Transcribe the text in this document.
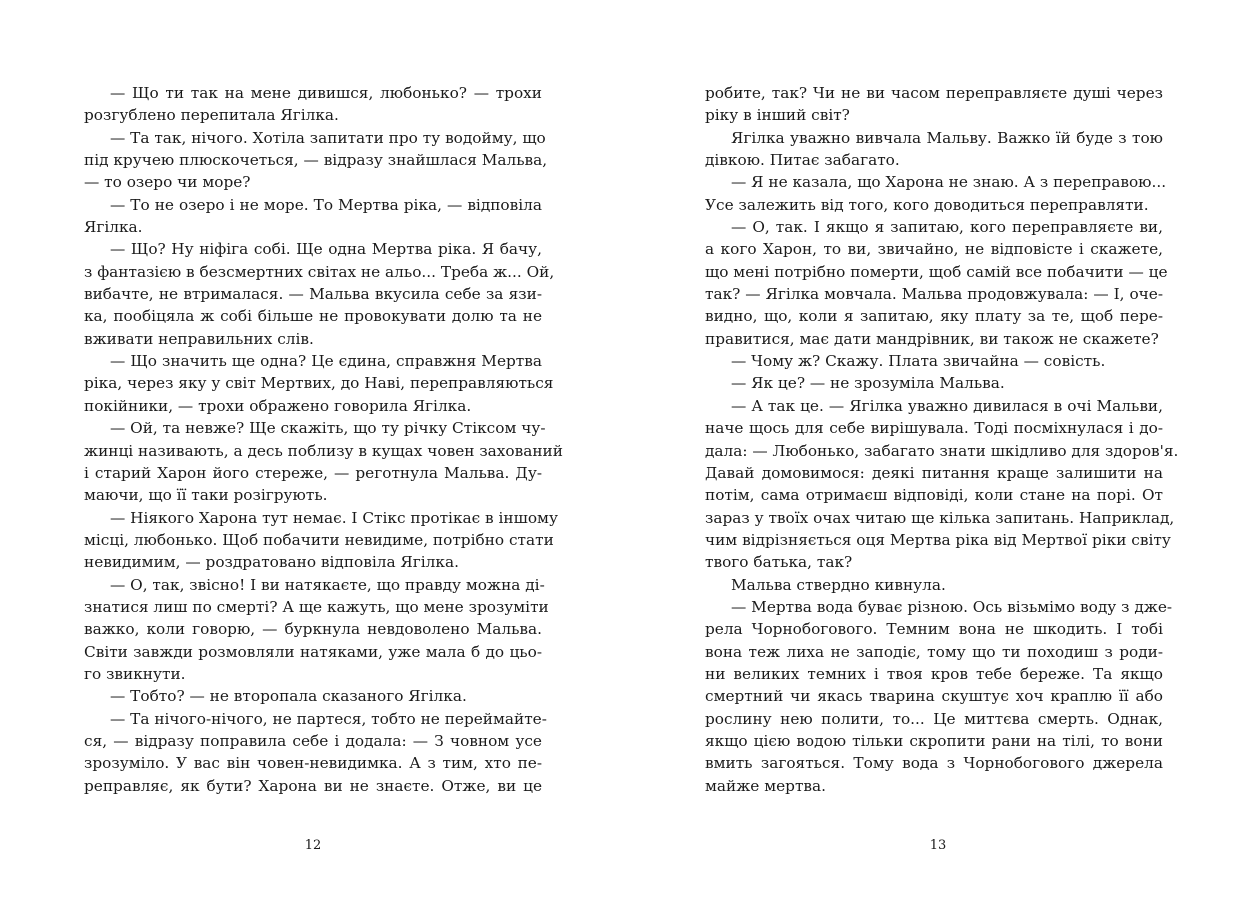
— Що ти так на мене дивишся, любонько? — трохи
розгублено перепитала Ягілка.
— Та так, нічого. Хотіла запитати про ту водойму, що
під кручею плюскочеться, — відразу знайшлася Мальва,
— то озеро чи море?
— То не озеро і не море. То Мертва ріка, — відповіла
Ягілка.
— Що? Ну ніфіга собі. Ще одна Мертва ріка. Я бачу,
з фантазією в безсмертних світах не альо... Треба ж... Ой,
вибачте, не втрималася. — Мальва вкусила себе за язи-
ка, пообіцяла ж собі більше не провокувати долю та не
вживати неправильних слів.
— Що значить ще одна? Це єдина, справжня Мертва
ріка, через яку у світ Мертвих, до Наві, переправляються
покійники, — трохи ображено говорила Ягілка.
— Ой, та невже? Ще скажіть, що ту річку Стіксом чу-
жинці називають, а десь поблизу в кущах човен захований
і старий Харон його стереже, — реготнула Мальва. Ду-
маючи, що її таки розігрують.
— Ніякого Харона тут немає. І Стікс протікає в іншому
місці, любонько. Щоб побачити невидиме, потрібно стати
невидимим, — роздратовано відповіла Ягілка.
— О, так, звісно! І ви натякаєте, що правду можна ді-
знатися лиш по смерті? А ще кажуть, що мене зрозуміти
важко, коли говорю, — буркнула невдоволено Мальва.
Світи завжди розмовляли натяками, уже мала б до цьо-
го звикнути.
— Тобто? — не второпала сказаного Ягілка.
— Та нічого-нічого, не партеся, тобто не переймайте-
ся, — відразу поправила себе і додала: — З човном усе
зрозуміло. У вас він човен-невидимка. А з тим, хто пе-
реправляє, як бути? Харона ви не знаєте. Отже, ви це
робите, так? Чи не ви часом переправляєте душі через
ріку в інший світ?
Ягілка уважно вивчала Мальву. Важко їй буде з тою
дівкою. Питає забагато.
— Я не казала, що Харона не знаю. А з переправою...
Усе залежить від того, кого доводиться переправляти.
— О, так. І якщо я запитаю, кого переправляєте ви,
а кого Харон, то ви, звичайно, не відповісте і скажете,
що мені потрібно померти, щоб самій все побачити — це
так? — Ягілка мовчала. Мальва продовжувала: — І, оче-
видно, що, коли я запитаю, яку плату за те, щоб пере-
правитися, має дати мандрівник, ви також не скажете?
— Чому ж? Скажу. Плата звичайна — совість.
— Як це? — не зрозуміла Мальва.
— А так це. — Ягілка уважно дивилася в очі Мальви,
наче щось для себе вирішувала. Тоді посміхнулася і до-
дала: — Любонько, забагато знати шкідливо для здоров'я.
Давай домовимося: деякі питання краще залишити на
потім, сама отримаєш відповіді, коли стане на порі. От
зараз у твоїх очах читаю ще кілька запитань. Наприклад,
чим відрізняється оця Мертва ріка від Мертвої ріки світу
твого батька, так?
Мальва ствердно кивнула.
— Мертва вода буває різною. Ось візьмімо воду з дже-
рела Чорнобогового. Темним вона не шкодить. І тобі
вона теж лиха не заподіє, тому що ти походиш з роди-
ни великих темних і твоя кров тебе береже. Та якщо
смертний чи якась тварина скуштує хоч краплю її або
рослину нею полити, то... Це миттєва смерть. Однак,
якщо цією водою тільки скропити рани на тілі, то вони
вмить загояться. Тому вода з Чорнобогового джерела
майже мертва.
12	13
